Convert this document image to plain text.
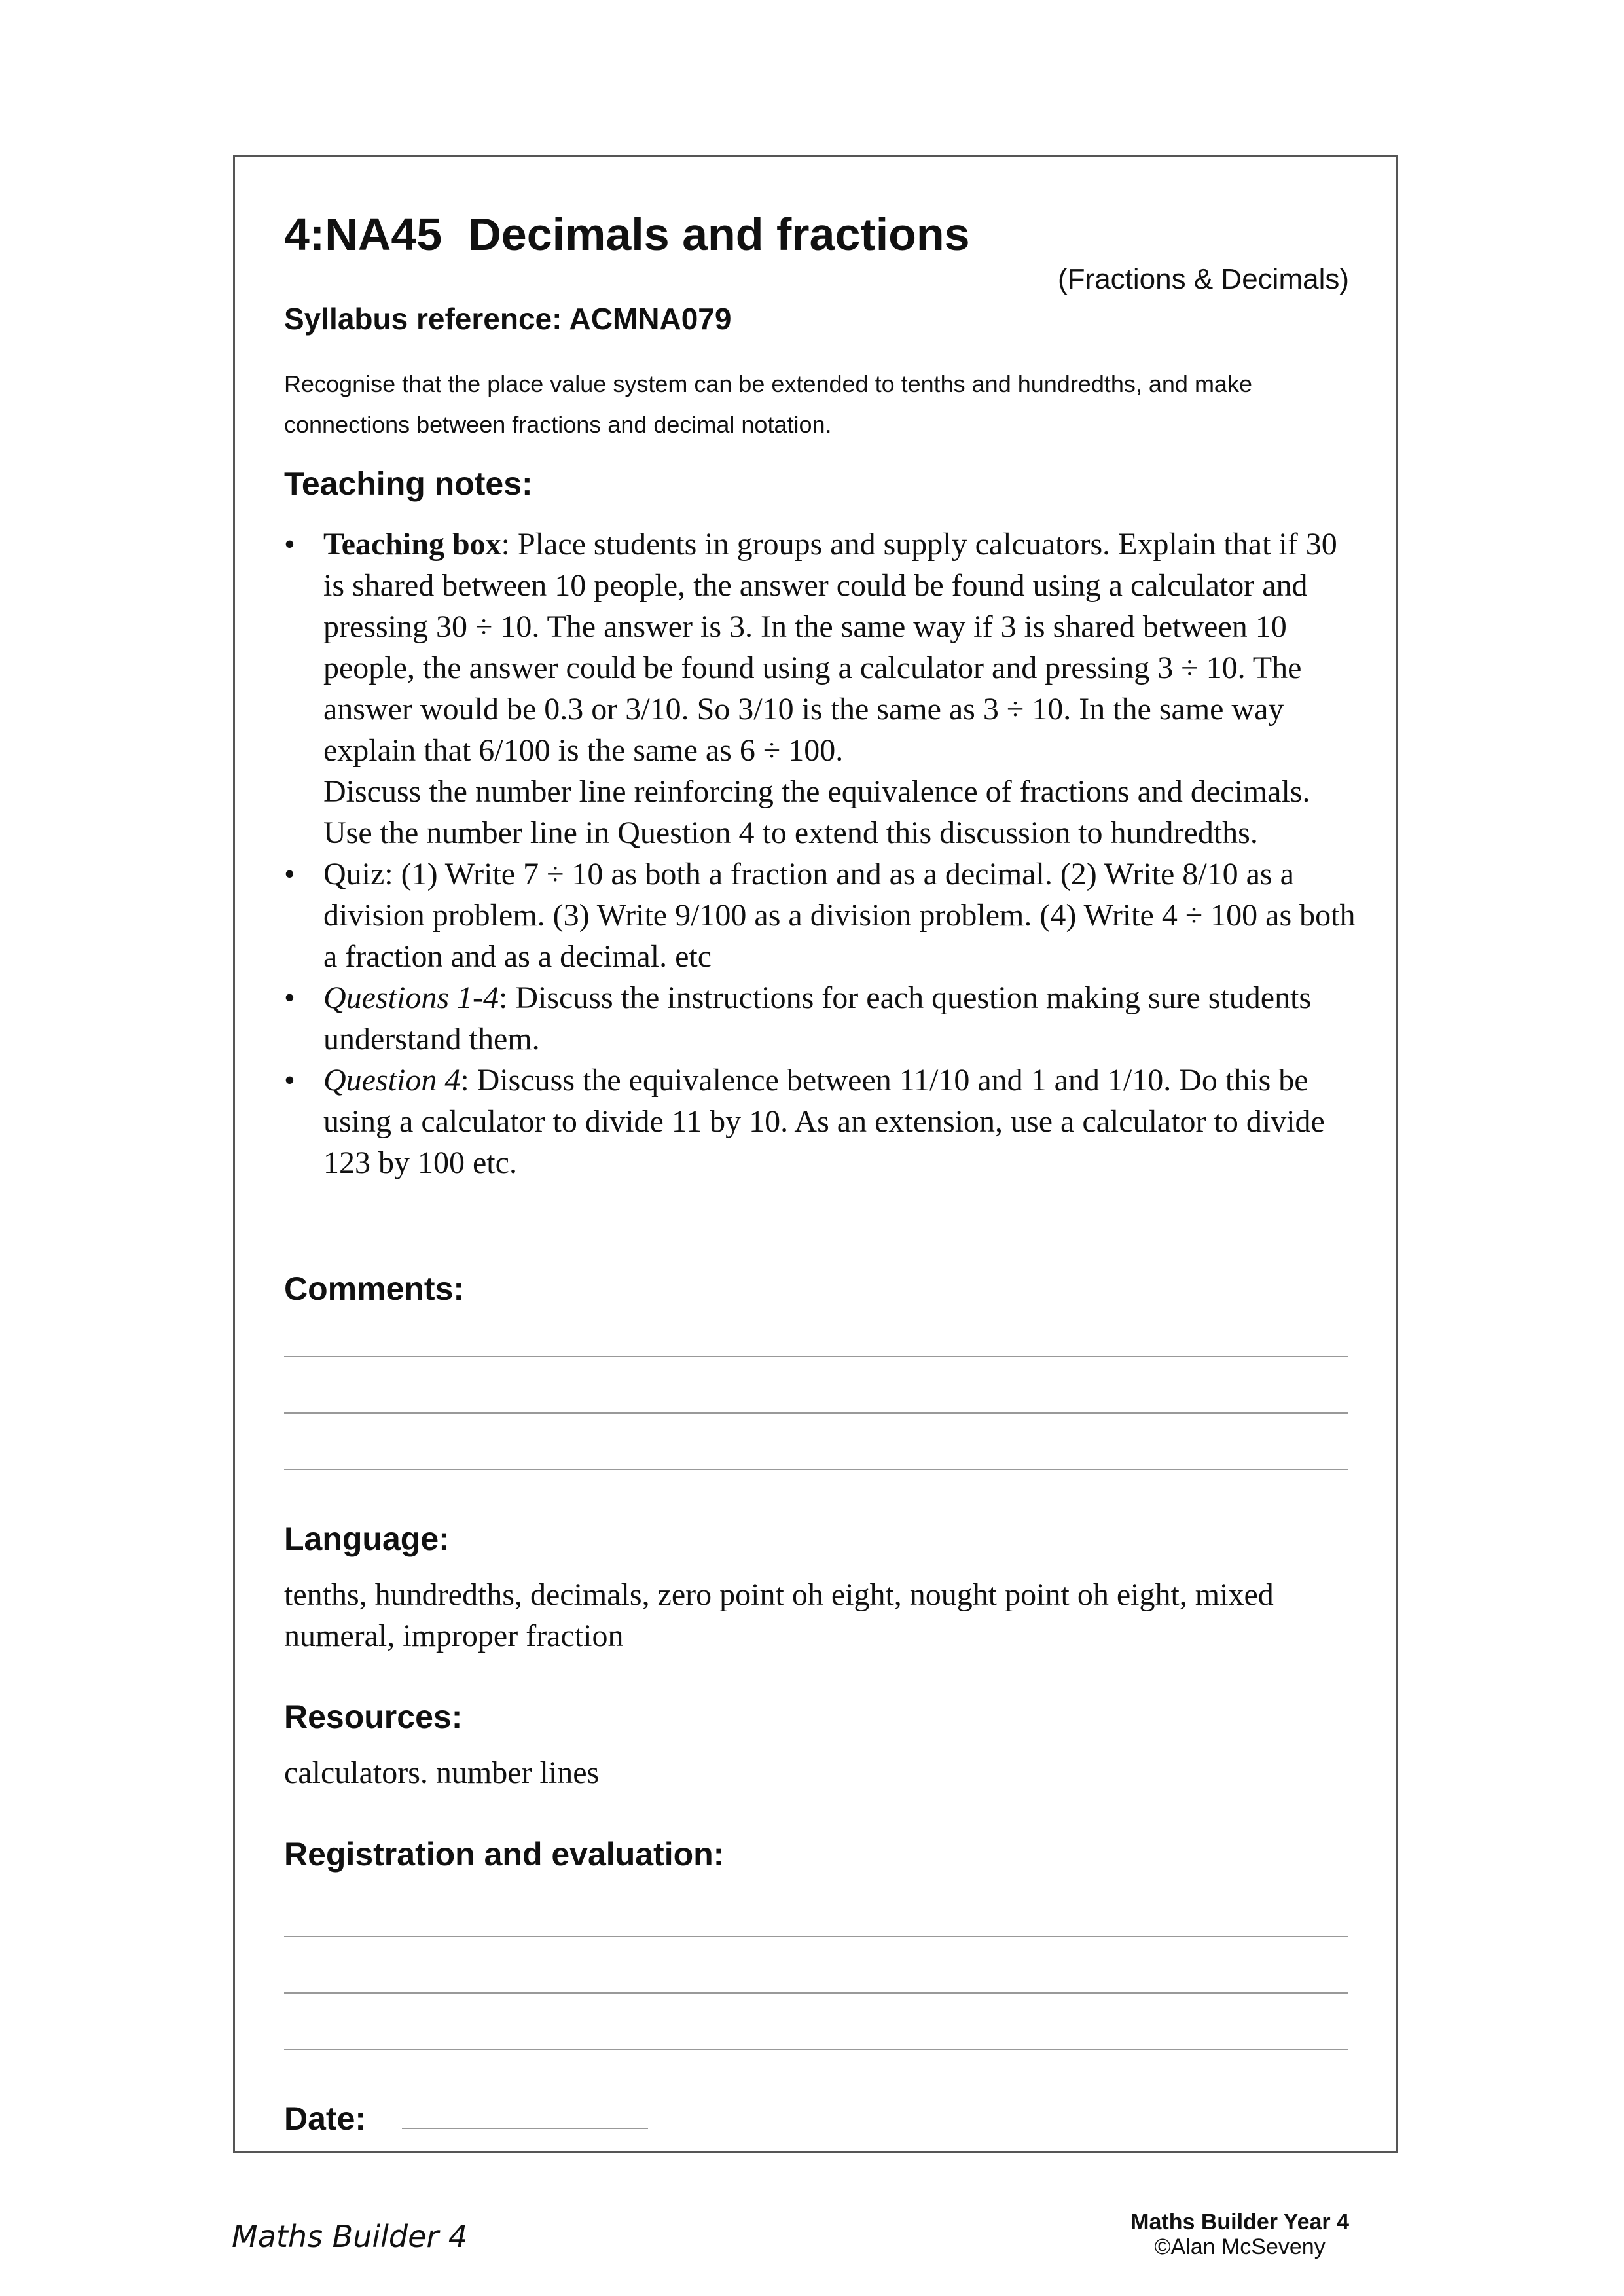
4:NA45 Decimals and fractions
(Fractions & Decimals)
Syllabus reference: ACMNA079
Recognise that the place value system can be extended to tenths and hundredths, and make connections between fractions and decimal notation.
Teaching notes:
• Teaching box: Place students in groups and supply calcuators. Explain that if 30 is shared between 10 people, the answer could be found using a calculator and pressing 30 ÷ 10. The answer is 3. In the same way if 3 is shared between 10 people, the answer could be found using a calculator and pressing 3 ÷ 10. The answer would be 0.3 or 3/10. So 3/10 is the same as 3 ÷ 10. In the same way explain that 6/100 is the same as 6 ÷ 100.

Discuss the number line reinforcing the equivalence of fractions and decimals. Use the number line in Question 4 to extend this discussion to hundredths.

• Quiz: (1) Write 7 ÷ 10 as both a fraction and as a decimal. (2) Write 8/10 as a division problem. (3) Write 9/100 as a division problem. (4) Write 4 ÷ 100 as both a fraction and as a decimal. etc

• Questions 1-4: Discuss the instructions for each question making sure students understand them.

• Question 4: Discuss the equivalence between 11/10 and 1 and 1/10. Do this be using a calculator to divide 11 by 10. As an extension, use a calculator to divide 123 by 100 etc.

Comments:
Language:
tenths, hundredths, decimals, zero point oh eight, nought point oh eight, mixed numeral, improper fraction
Resources:
calculators. number lines
Registration and evaluation:
Date:
Maths Builder 4	Maths Builder Year 4
©Alan McSeveny
